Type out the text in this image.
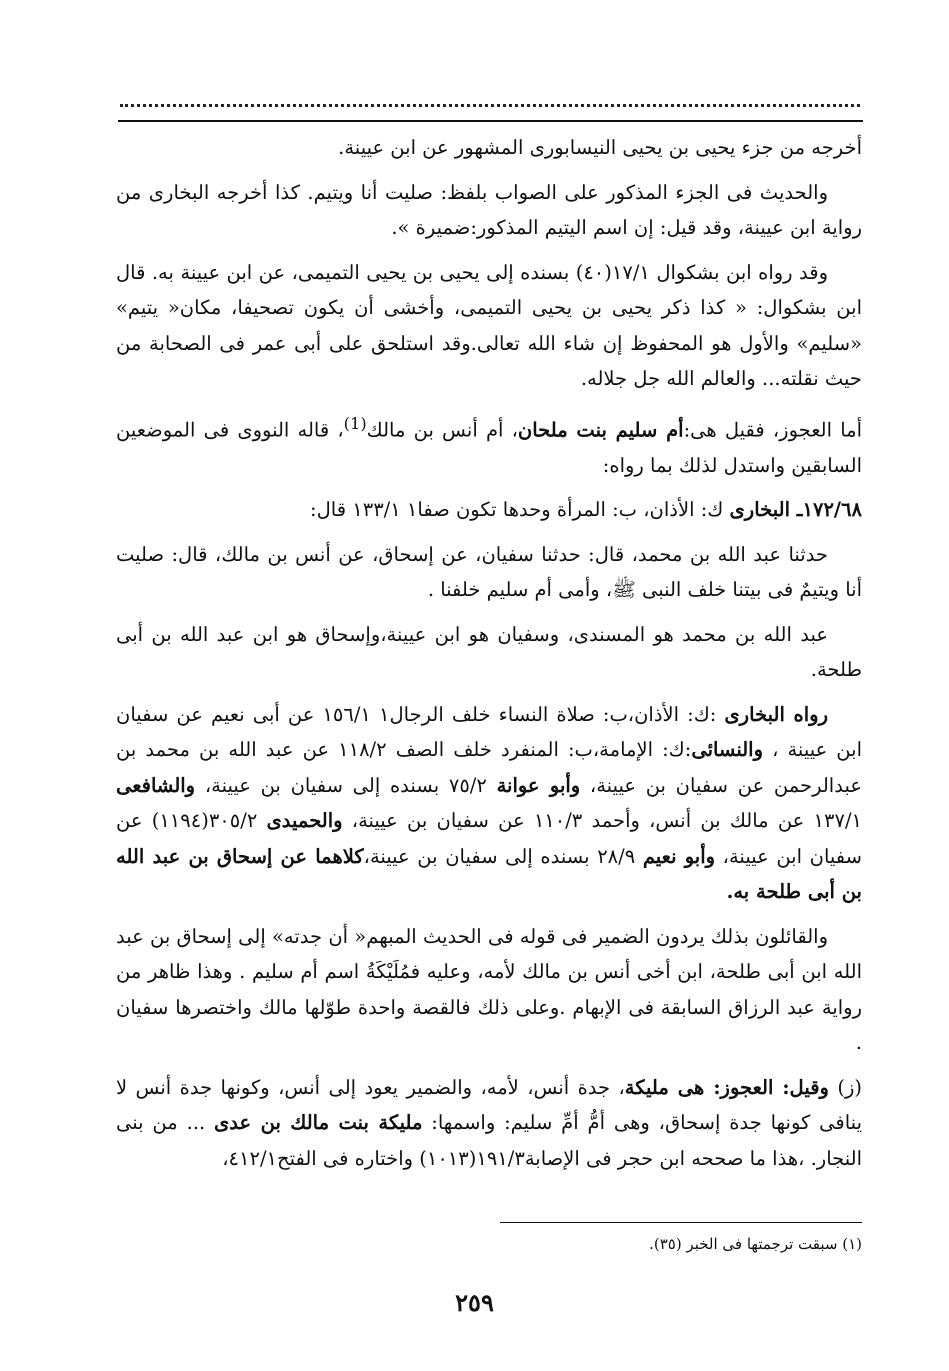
أخرجه من جزء يحيى بن يحيى النيسابورى المشهور عن ابن عيينة.

والحديث فى الجزء المذكور على الصواب بلفظ: صليت أنا ويتيم. كذا أخرجه البخارى من رواية ابن عيينة، وقد قيل: إن اسم اليتيم المذكور:ضميرة ».

وقد رواه ابن بشكوال ١٧/١(٤٠) بسنده إلى يحيى بن يحيى التميمى، عن ابن عيينة به. قال ابن بشكوال: « كذا ذكر يحيى بن يحيى التميمى، وأخشى أن يكون تصحيفا، مكان« يتيم» «سليم» والأول هو المحفوظ إن شاء الله تعالى.وقد استلحق على أبى عمر فى الصحابة من حيث نقلته... والعالم الله جل جلاله.

أما العجوز، فقيل هى:أم سليم بنت ملحان، أم أنس بن مالك$^{(1)}$، قاله النووى فى الموضعين السابقين واستدل لذلك بما رواه:

١٧٢/٦٨ـ البخارى ك: الأذان، ب: المرأة وحدها تكون صفا١ ١٣٣/١ قال:

حدثنا عبد الله بن محمد، قال: حدثنا سفيان، عن إسحاق، عن أنس بن مالك، قال: صليت أنا ويتيمٌ فى بيتنا خلف النبى ﷺ، وأمى أم سليم خلفنا .

عبد الله بن محمد هو المسندى، وسفيان هو ابن عيينة،وإسحاق هو ابن عبد الله بن أبى طلحة.

رواه البخارى :ك: الأذان،ب: صلاة النساء خلف الرجال١ ١٥٦/١ عن أبى نعيم عن سفيان ابن عيينة ، والنسائى:ك: الإمامة،ب: المنفرد خلف الصف ١١٨/٢ عن عبد الله بن محمد بن عبدالرحمن عن سفيان بن عيينة، وأبو عوانة ٧٥/٢ بسنده إلى سفيان بن عيينة، والشافعى ١٣٧/١ عن مالك بن أنس، وأحمد ١١٠/٣ عن سفيان بن عيينة، والحميدى ٣٠٥/٢(١١٩٤) عن سفيان ابن عيينة، وأبو نعيم ٢٨/٩ بسنده إلى سفيان بن عيينة،كلاهما عن إسحاق بن عبد الله بن أبى طلحة به.

والقائلون بذلك يردون الضمير فى قوله فى الحديث المبهم« أن جدته» إلى إسحاق بن عبد الله ابن أبى طلحة، ابن أخى أنس بن مالك لأمه، وعليه فمُلَيْكَةُ اسم أم سليم . وهذا ظاهر من رواية عبد الرزاق السابقة فى الإبهام .وعلى ذلك فالقصة واحدة طوّلها مالك واختصرها سفيان .

(ز) وقيل: العجوز: هى مليكة، جدة أنس، لأمه، والضمير يعود إلى أنس، وكونها جدة أنس لا ينافى كونها جدة إسحاق، وهى أمُّ أمِّ سليم: واسمها: مليكة بنت مالك بن عدى ... من بنى النجار. ،هذا ما صححه ابن حجر فى الإصابة١٩١/٣(١٠١٣) واختاره فى الفتح٤١٢/١،

(١) سبقت ترجمتها فى الخبر (٣٥).
٢٥٩
